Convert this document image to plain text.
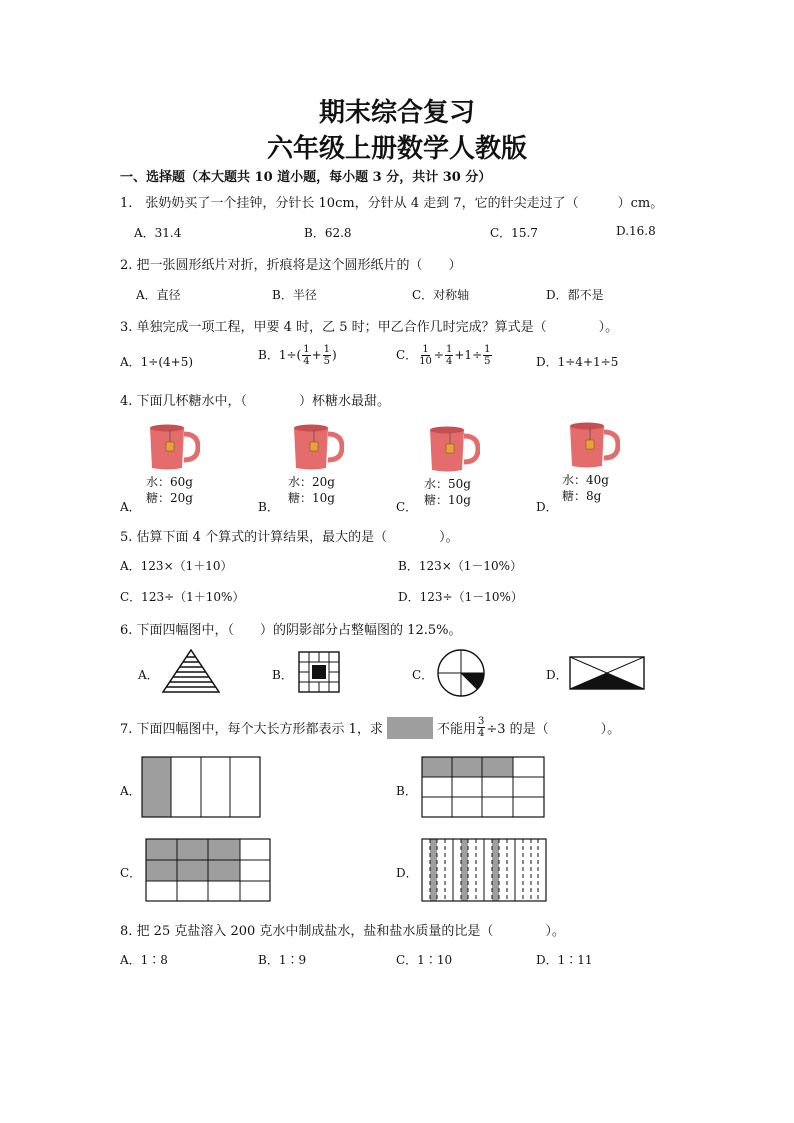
期末综合复习
六年级上册数学人教版
一、选择题（本大题共 10 道小题，每小题 3 分，共计 30 分）
1.　张奶奶买了一个挂钟，分针长 10cm，分针从 4 走到 7，它的针尖走过了（　　　）cm。
A．31.4	B．62.8	C．15.7	D.16.8
2. 把一张圆形纸片对折，折痕将是这个圆形纸片的（　　）
A．直径	B．半径	C．对称轴	D．都不是
3. 单独完成一项工程，甲要 4 时，乙 5 时；甲乙合作几时完成？算式是（　　　　）。
A．1÷(4+5)	B．$1\div( \frac{1}{4} + \frac{1}{5}$ )	C． $\frac{1}{10} \div \frac{1}{4} +1\div \frac{1}{5}$	D．1÷4+1÷5
4. 下面几杯糖水中，（　　　　）杯糖水最甜。
A．
水：60g
糖：20g
B．
水：20g
糖：10g
C．
水：50g
糖：10g	D．
水：40g
糖：8g
5. 估算下面 4 个算式的计算结果，最大的是（　　　　）。
A．123×（1＋10）	B．123×（1－10%）
C．123÷（1＋10%）	D．123÷（1－10%）
6. 下面四幅图中，（　　）的阴影部分占整幅图的 12.5%。
A．	B．	C．	D．
7. 下面四幅图中，每个大长方形都表示 1，求	不能用 $\frac{3}{4} \div 3$ 的是（　　　　）。
A．	B．
C．	D．
8. 把 25 克盐溶入 200 克水中制成盐水，盐和盐水质量的比是（　　　　）。
A．1∶8	B．1∶9	C．1∶10	D．1∶11
